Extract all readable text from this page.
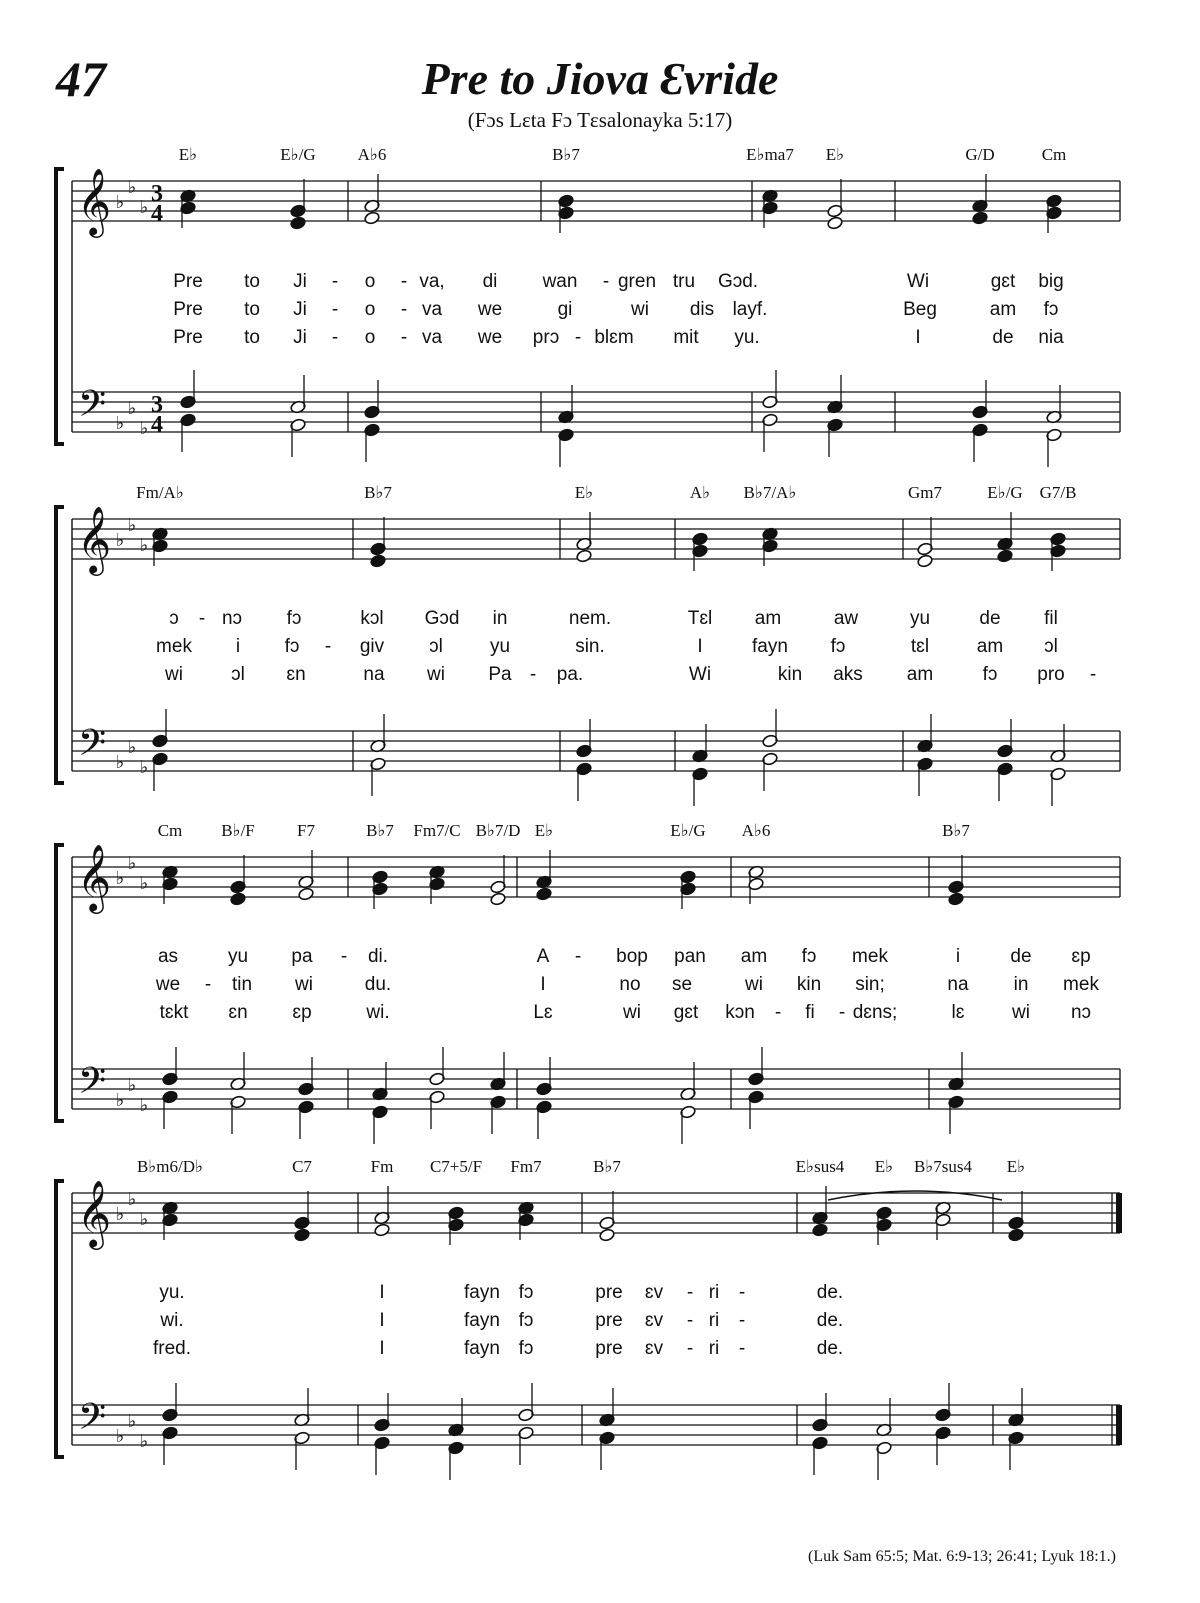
47	Pre to Jiova Ɛvride
(Fɔs Lɛta Fɔ Tɛsalonayka 5:17)
E♭	E♭/G A♭6	B♭7	E♭ma7 E♭	G/D	Cm
𝄞
𝄢
♭
♭
♭
♭
♭
♭
3
4
3
4
Pre to Ji - o - va, di wan - gren tru Gɔd.	Wi	gɛt big
Pre to Ji - o - va we	gi	wi dis layf.	Beg	am fɔ
Pre to Ji - o - va we prɔ - blɛm mit yu.	I	de nia
Fm/A♭	B♭7	E♭	A♭ B♭7/A♭	Gm7	E♭/G G7/B
𝄞
𝄢
♭
♭
♭
♭
♭
♭
ɔ - nɔ fɔ	kɔl Gɔd in	nem.	Tɛl am	aw	yu	de fil
mek i fɔ - giv ɔl yu	sin.	I	fayn fɔ	tɛl	am ɔl
wi	ɔl ɛn	na wi Pa - pa.	Wi	kin aks am	fɔ pro -
Cm B♭/F F7	B♭7 Fm7/C B♭7/D E♭	E♭/G A♭6	B♭7
𝄞
𝄢
♭
♭
♭
♭
♭
♭
as	yu pa - di.	A - bop pan am fɔ mek	i	de ɛp
we - tin wi	du.	I	no se	wi kin sin;	na in mek
tɛkt ɛn ɛp	wi.	Lɛ	wi gɛt kɔn - fi - dɛns;	lɛ	wi nɔ
B♭m6/D♭	C7	Fm C7+5/F Fm7	B♭7	E♭sus4 E♭ B♭7sus4 E♭
𝄞
𝄢
♭
♭
♭
♭
♭
♭
yu.	I	fayn fɔ	pre ɛv - ri -	de.
wi.	I	fayn fɔ	pre ɛv - ri -	de.
fred.	I	fayn fɔ	pre ɛv - ri -	de.
(Luk Sam 65:5; Mat. 6:9-13; 26:41; Lyuk 18:1.)
